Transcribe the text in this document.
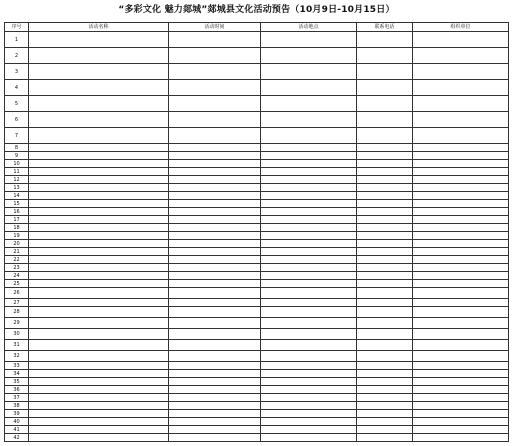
“多彩文化 魅力郯城”郯城县文化活动预告（10月9日-10月15日）
序号	活动名称	活动时间	活动地点	联系电话	组织单位
1					
2					
3					
4					
5					
6					
7					
8					
9					
10					
11					
12					
13					
14					
15					
16					
17					
18					
19					
20					
21					
22					
23					
24					
25					
26					
27					
28					
29					
30					
31					
32					
33					
34					
35					
36					
37					
38					
39					
40					
41					
42					
